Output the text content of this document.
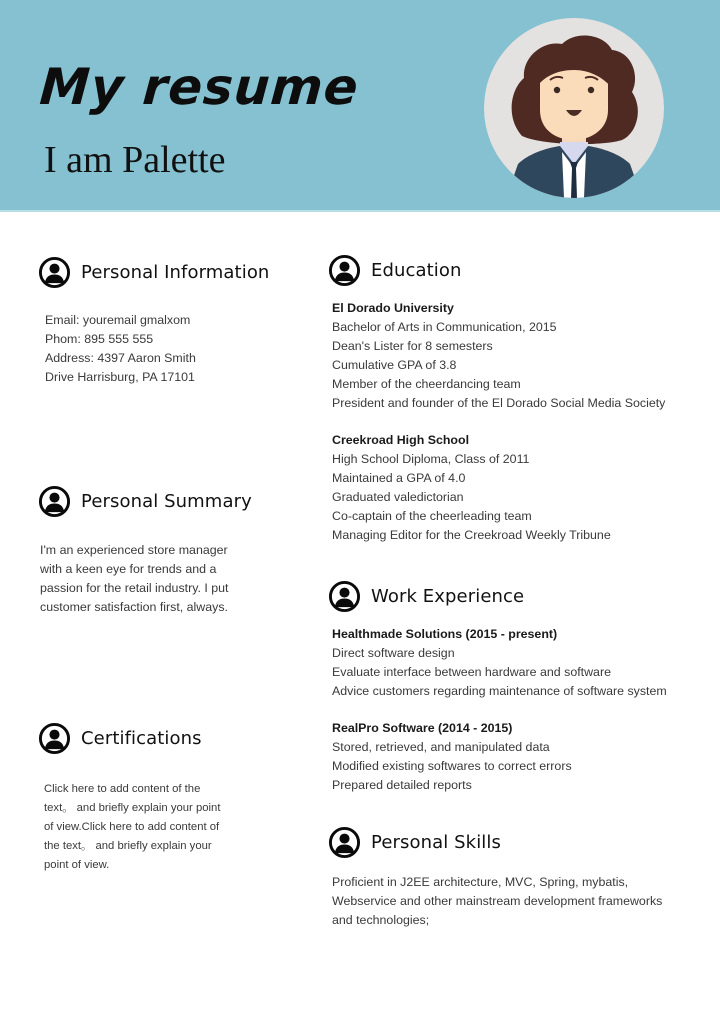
My resume
I am Palette
Personal Information
Email: youremail gmalxom
Phom: 895 555 555
Address: 4397 Aaron Smith
Drive Harrisburg, PA 17101
Personal Summary
I'm an experienced store manager
with a keen eye for trends and a
passion for the retail industry. I put
customer satisfaction first, always.
Certifications
Click here to add content of the
text。 and briefly explain your point
of view.Click here to add content of
the text。 and briefly explain your
point of view.
Education
El Dorado University
Bachelor of Arts in Communication, 2015
Dean's Lister for 8 semesters
Cumulative GPA of 3.8
Member of the cheerdancing team
President and founder of the El Dorado Social Media Society
Creekroad High School
High School Diploma, Class of 2011
Maintained a GPA of 4.0
Graduated valedictorian
Co-captain of the cheerleading team
Managing Editor for the Creekroad Weekly Tribune
Work Experience
Healthmade Solutions (2015 - present)
Direct software design
Evaluate interface between hardware and software
Advice customers regarding maintenance of software system
RealPro Software (2014 - 2015)
Stored, retrieved, and manipulated data
Modified existing softwares to correct errors
Prepared detailed reports
Personal Skills
Proficient in J2EE architecture, MVC, Spring, mybatis,
Webservice and other mainstream development frameworks
and technologies;
